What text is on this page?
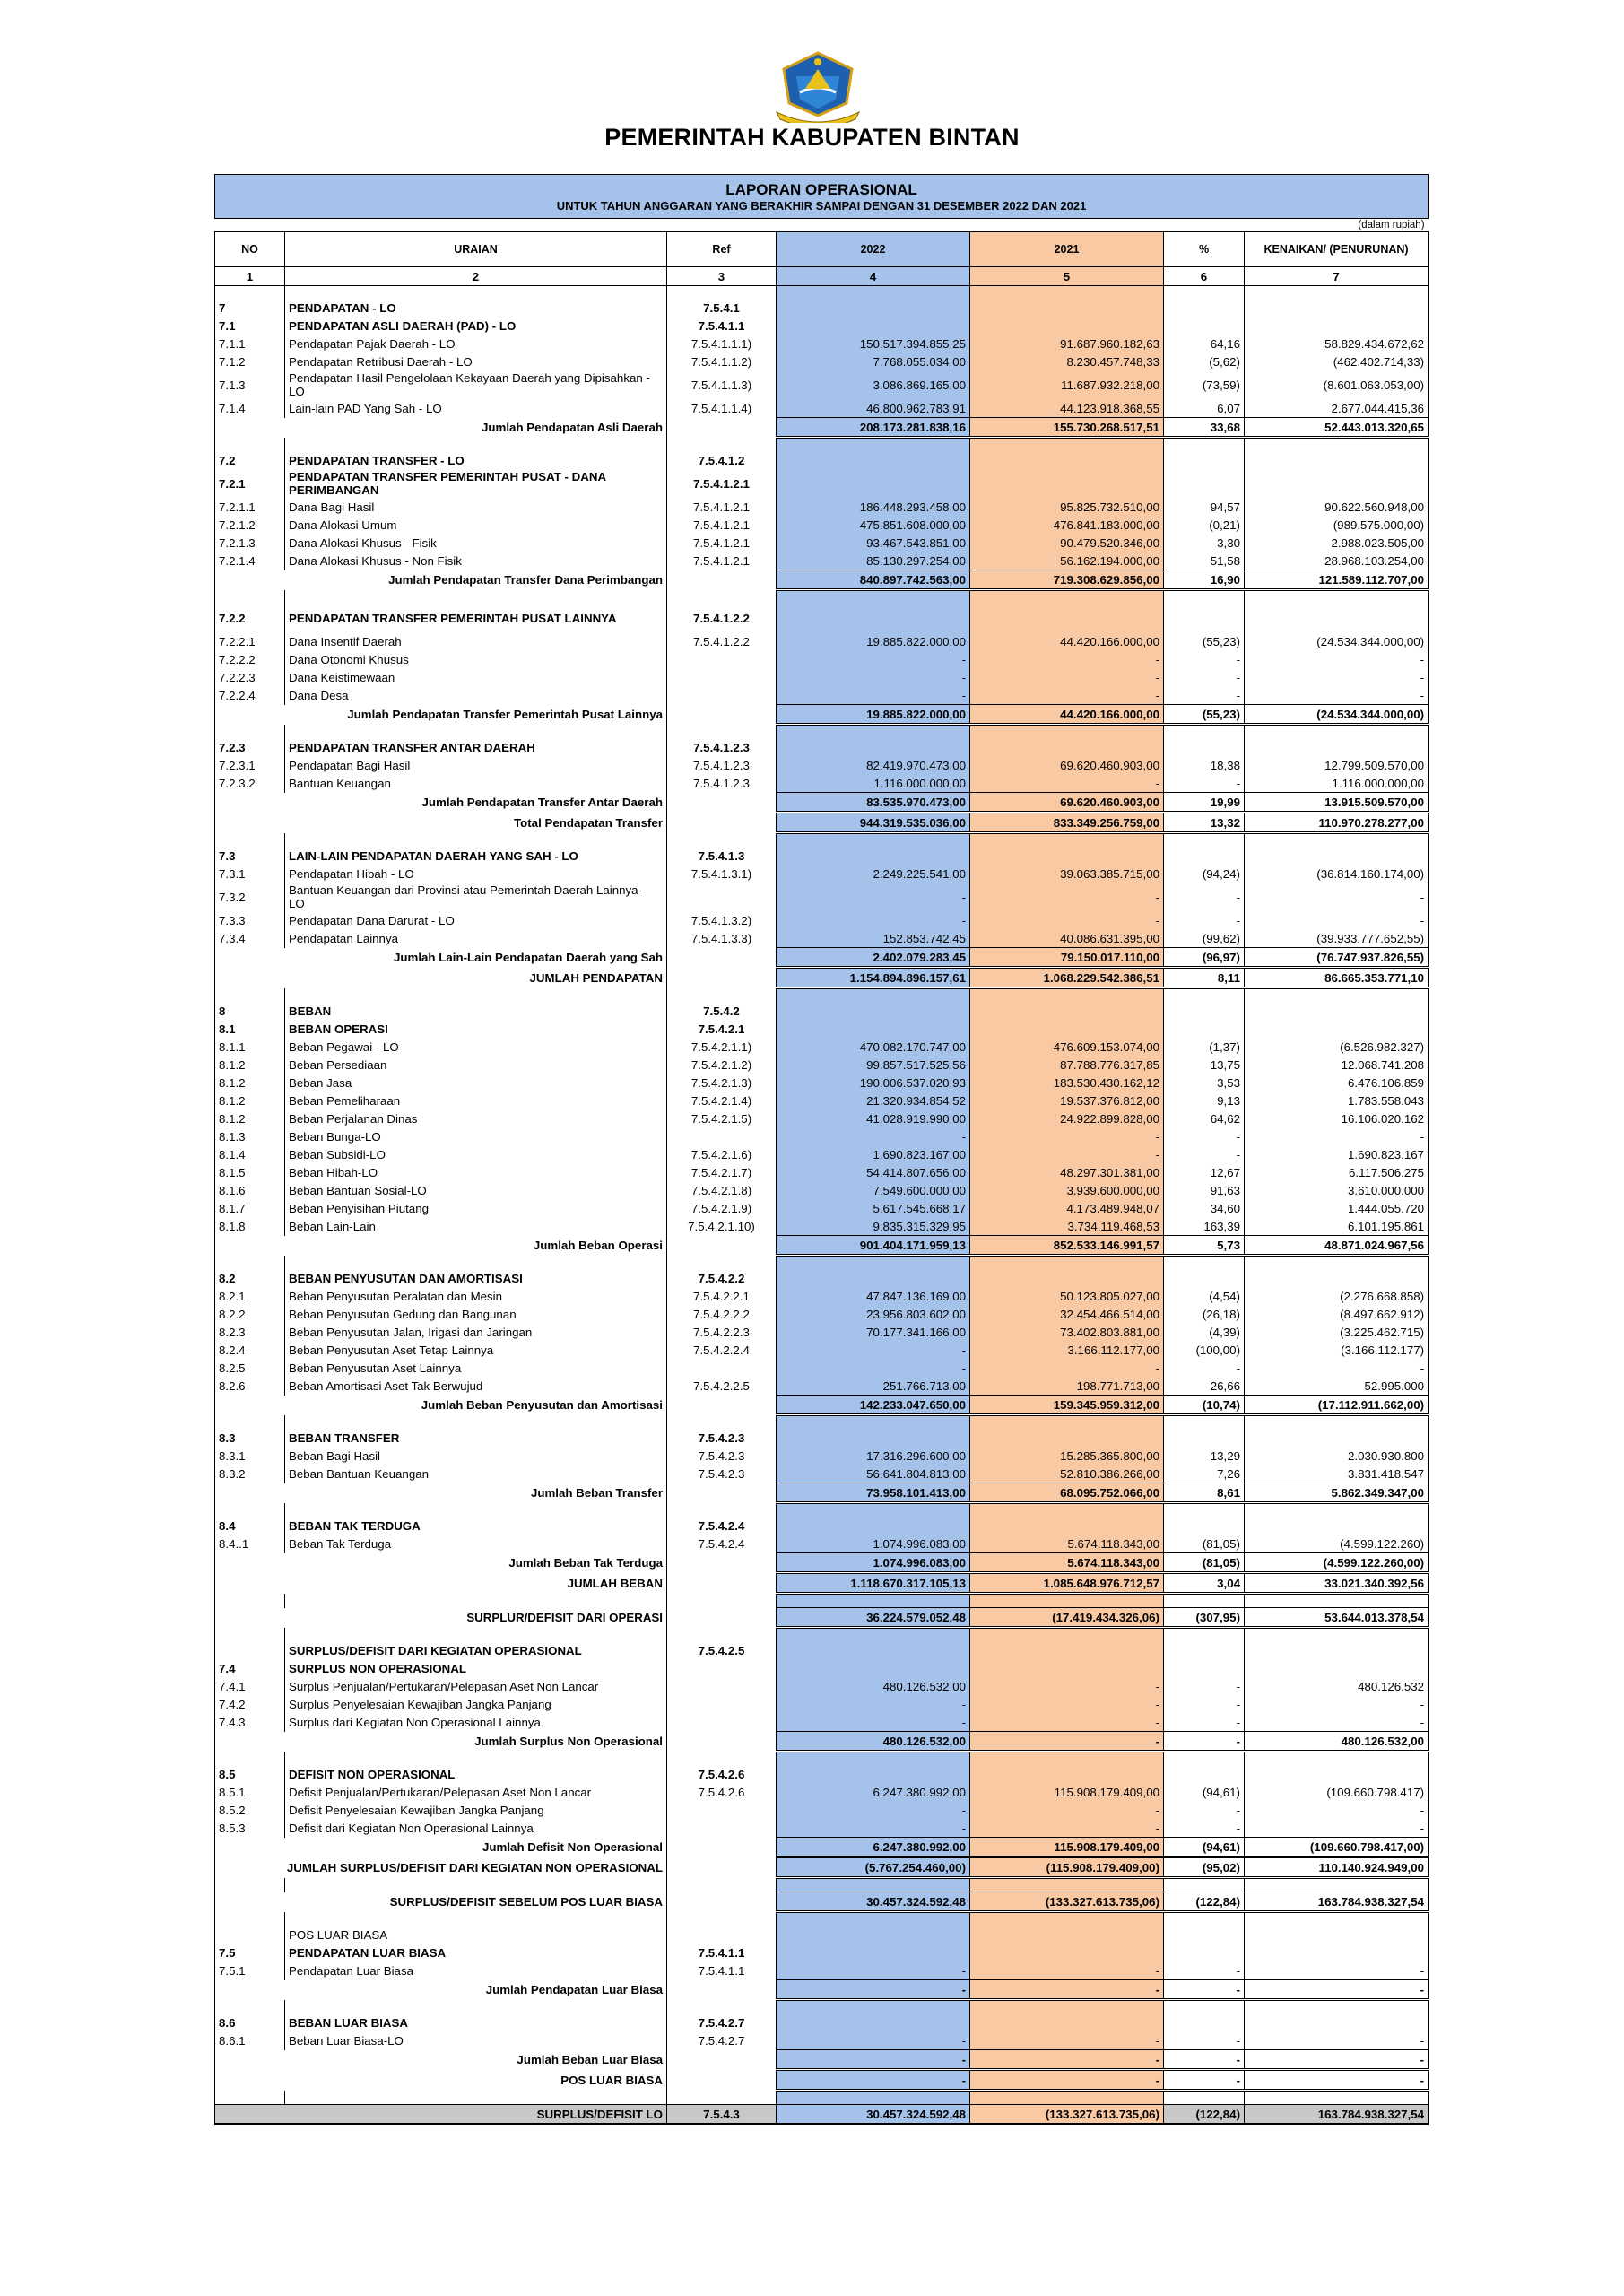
PEMERINTAH KABUPATEN BINTAN
LAPORAN OPERASIONAL
UNTUK TAHUN ANGGARAN YANG BERAKHIR SAMPAI DENGAN 31 DESEMBER 2022 DAN 2021						

(dalam rupiah)						
NO	URAIAN	Ref	2022	2021	%	KENAIKAN/ (PENURUNAN)
1	2	3	4	5	6	7

7	PENDAPATAN - LO	7.5.4.1				
7.1	PENDAPATAN ASLI DAERAH (PAD) - LO	7.5.4.1.1				
7.1.1	Pendapatan Pajak Daerah - LO	7.5.4.1.1.1)	150.517.394.855,25	91.687.960.182,63	64,16	58.829.434.672,62
7.1.2	Pendapatan Retribusi Daerah - LO	7.5.4.1.1.2)	7.768.055.034,00	8.230.457.748,33	(5,62)	(462.402.714,33)
7.1.3	Pendapatan Hasil Pengelolaan Kekayaan Daerah yang Dipisahkan - LO	7.5.4.1.1.3)	3.086.869.165,00	11.687.932.218,00	(73,59)	(8.601.063.053,00)
7.1.4	Lain-lain PAD Yang Sah - LO	7.5.4.1.1.4)	46.800.962.783,91	44.123.918.368,55	6,07	2.677.044.415,36
Jumlah Pendapatan Asli Daerah			208.173.281.838,16	155.730.268.517,51	33,68	52.443.013.320,65

7.2	PENDAPATAN TRANSFER - LO	7.5.4.1.2				
7.2.1	PENDAPATAN TRANSFER PEMERINTAH PUSAT - DANA PERIMBANGAN	7.5.4.1.2.1				
7.2.1.1	Dana Bagi Hasil	7.5.4.1.2.1	186.448.293.458,00	95.825.732.510,00	94,57	90.622.560.948,00
7.2.1.2	Dana Alokasi Umum	7.5.4.1.2.1	475.851.608.000,00	476.841.183.000,00	(0,21)	(989.575.000,00)
7.2.1.3	Dana Alokasi Khusus - Fisik	7.5.4.1.2.1	93.467.543.851,00	90.479.520.346,00	3,30	2.988.023.505,00
7.2.1.4	Dana Alokasi Khusus - Non Fisik	7.5.4.1.2.1	85.130.297.254,00	56.162.194.000,00	51,58	28.968.103.254,00
Jumlah Pendapatan Transfer Dana Perimbangan			840.897.742.563,00	719.308.629.856,00	16,90	121.589.112.707,00

7.2.2	PENDAPATAN TRANSFER PEMERINTAH PUSAT LAINNYA	7.5.4.1.2.2				
7.2.2.1	Dana Insentif Daerah	7.5.4.1.2.2	19.885.822.000,00	44.420.166.000,00	(55,23)	(24.534.344.000,00)
7.2.2.2	Dana Otonomi Khusus		-	-	-	-
7.2.2.3	Dana Keistimewaan		-	-	-	-
7.2.2.4	Dana Desa		-	-	-	-
Jumlah Pendapatan Transfer Pemerintah Pusat Lainnya			19.885.822.000,00	44.420.166.000,00	(55,23)	(24.534.344.000,00)

7.2.3	PENDAPATAN TRANSFER ANTAR DAERAH	7.5.4.1.2.3				
7.2.3.1	Pendapatan Bagi Hasil	7.5.4.1.2.3	82.419.970.473,00	69.620.460.903,00	18,38	12.799.509.570,00
7.2.3.2	Bantuan Keuangan	7.5.4.1.2.3	1.116.000.000,00	-	-	1.116.000.000,00
Jumlah Pendapatan Transfer Antar Daerah			83.535.970.473,00	69.620.460.903,00	19,99	13.915.509.570,00
Total Pendapatan Transfer			944.319.535.036,00	833.349.256.759,00	13,32	110.970.278.277,00

7.3	LAIN-LAIN PENDAPATAN DAERAH YANG SAH - LO	7.5.4.1.3				
7.3.1	Pendapatan Hibah - LO	7.5.4.1.3.1)	2.249.225.541,00	39.063.385.715,00	(94,24)	(36.814.160.174,00)
7.3.2	Bantuan Keuangan dari Provinsi atau Pemerintah Daerah Lainnya - LO		-	-	-	-
7.3.3	Pendapatan Dana Darurat - LO	7.5.4.1.3.2)	-	-	-	-
7.3.4	Pendapatan Lainnya	7.5.4.1.3.3)	152.853.742,45	40.086.631.395,00	(99,62)	(39.933.777.652,55)
Jumlah Lain-Lain Pendapatan Daerah yang Sah			2.402.079.283,45	79.150.017.110,00	(96,97)	(76.747.937.826,55)
JUMLAH PENDAPATAN			1.154.894.896.157,61	1.068.229.542.386,51	8,11	86.665.353.771,10

8	BEBAN	7.5.4.2				
8.1	BEBAN OPERASI	7.5.4.2.1				
8.1.1	Beban Pegawai - LO	7.5.4.2.1.1)	470.082.170.747,00	476.609.153.074,00	(1,37)	(6.526.982.327)
8.1.2	Beban Persediaan	7.5.4.2.1.2)	99.857.517.525,56	87.788.776.317,85	13,75	12.068.741.208
8.1.2	Beban Jasa	7.5.4.2.1.3)	190.006.537.020,93	183.530.430.162,12	3,53	6.476.106.859
8.1.2	Beban Pemeliharaan	7.5.4.2.1.4)	21.320.934.854,52	19.537.376.812,00	9,13	1.783.558.043
8.1.2	Beban Perjalanan Dinas	7.5.4.2.1.5)	41.028.919.990,00	24.922.899.828,00	64,62	16.106.020.162
8.1.3	Beban Bunga-LO		-	-	-	-
8.1.4	Beban Subsidi-LO	7.5.4.2.1.6)	1.690.823.167,00	-	-	1.690.823.167
8.1.5	Beban Hibah-LO	7.5.4.2.1.7)	54.414.807.656,00	48.297.301.381,00	12,67	6.117.506.275
8.1.6	Beban Bantuan Sosial-LO	7.5.4.2.1.8)	7.549.600.000,00	3.939.600.000,00	91,63	3.610.000.000
8.1.7	Beban Penyisihan Piutang	7.5.4.2.1.9)	5.617.545.668,17	4.173.489.948,07	34,60	1.444.055.720
8.1.8	Beban Lain-Lain	7.5.4.2.1.10)	9.835.315.329,95	3.734.119.468,53	163,39	6.101.195.861
Jumlah Beban Operasi			901.404.171.959,13	852.533.146.991,57	5,73	48.871.024.967,56

8.2	BEBAN PENYUSUTAN DAN AMORTISASI	7.5.4.2.2				
8.2.1	Beban Penyusutan Peralatan dan Mesin	7.5.4.2.2.1	47.847.136.169,00	50.123.805.027,00	(4,54)	(2.276.668.858)
8.2.2	Beban Penyusutan Gedung dan Bangunan	7.5.4.2.2.2	23.956.803.602,00	32.454.466.514,00	(26,18)	(8.497.662.912)
8.2.3	Beban Penyusutan Jalan, Irigasi dan Jaringan	7.5.4.2.2.3	70.177.341.166,00	73.402.803.881,00	(4,39)	(3.225.462.715)
8.2.4	Beban Penyusutan Aset Tetap Lainnya	7.5.4.2.2.4	-	3.166.112.177,00	(100,00)	(3.166.112.177)
8.2.5	Beban Penyusutan Aset Lainnya		-	-	-	-
8.2.6	Beban Amortisasi Aset Tak Berwujud	7.5.4.2.2.5	251.766.713,00	198.771.713,00	26,66	52.995.000
Jumlah Beban Penyusutan dan Amortisasi			142.233.047.650,00	159.345.959.312,00	(10,74)	(17.112.911.662,00)

8.3	BEBAN TRANSFER	7.5.4.2.3				
8.3.1	Beban Bagi Hasil	7.5.4.2.3	17.316.296.600,00	15.285.365.800,00	13,29	2.030.930.800
8.3.2	Beban Bantuan Keuangan	7.5.4.2.3	56.641.804.813,00	52.810.386.266,00	7,26	3.831.418.547
Jumlah Beban Transfer			73.958.101.413,00	68.095.752.066,00	8,61	5.862.349.347,00

8.4	BEBAN TAK TERDUGA	7.5.4.2.4				
8.4..1	Beban Tak Terduga	7.5.4.2.4	1.074.996.083,00	5.674.118.343,00	(81,05)	(4.599.122.260)
Jumlah Beban Tak Terduga			1.074.996.083,00	5.674.118.343,00	(81,05)	(4.599.122.260,00)
JUMLAH BEBAN			1.118.670.317.105,13	1.085.648.976.712,57	3,04	33.021.340.392,56

SURPLUR/DEFISIT DARI OPERASI			36.224.579.052,48	(17.419.434.326,06)	(307,95)	53.644.013.378,54

	SURPLUS/DEFISIT DARI KEGIATAN OPERASIONAL	7.5.4.2.5				
7.4	SURPLUS NON OPERASIONAL					
7.4.1	Surplus Penjualan/Pertukaran/Pelepasan Aset Non Lancar		480.126.532,00	-	-	480.126.532
7.4.2	Surplus Penyelesaian Kewajiban Jangka Panjang		-	-	-	-
7.4.3	Surplus dari Kegiatan Non Operasional Lainnya		-	-	-	-
Jumlah Surplus Non Operasional			480.126.532,00	-	-	480.126.532,00

8.5	DEFISIT NON OPERASIONAL	7.5.4.2.6				
8.5.1	Defisit Penjualan/Pertukaran/Pelepasan Aset Non Lancar	7.5.4.2.6	6.247.380.992,00	115.908.179.409,00	(94,61)	(109.660.798.417)
8.5.2	Defisit Penyelesaian Kewajiban Jangka Panjang		-	-	-	-
8.5.3	Defisit dari Kegiatan Non Operasional Lainnya		-	-	-	-
Jumlah Defisit Non Operasional			6.247.380.992,00	115.908.179.409,00	(94,61)	(109.660.798.417,00)
JUMLAH SURPLUS/DEFISIT DARI KEGIATAN NON OPERASIONAL			(5.767.254.460,00)	(115.908.179.409,00)	(95,02)	110.140.924.949,00

SURPLUS/DEFISIT SEBELUM POS LUAR BIASA			30.457.324.592,48	(133.327.613.735,06)	(122,84)	163.784.938.327,54

	POS LUAR BIASA					
7.5	PENDAPATAN LUAR BIASA	7.5.4.1.1				
7.5.1	Pendapatan Luar Biasa	7.5.4.1.1	-	-	-	-
Jumlah Pendapatan Luar Biasa			-	-	-	-

8.6	BEBAN LUAR BIASA	7.5.4.2.7				
8.6.1	Beban Luar Biasa-LO	7.5.4.2.7	-	-	-	-
Jumlah Beban Luar Biasa			-	-	-	-
POS LUAR BIASA			-	-	-	-

SURPLUS/DEFISIT LO		7.5.4.3	30.457.324.592,48	(133.327.613.735,06)	(122,84)	163.784.938.327,54
